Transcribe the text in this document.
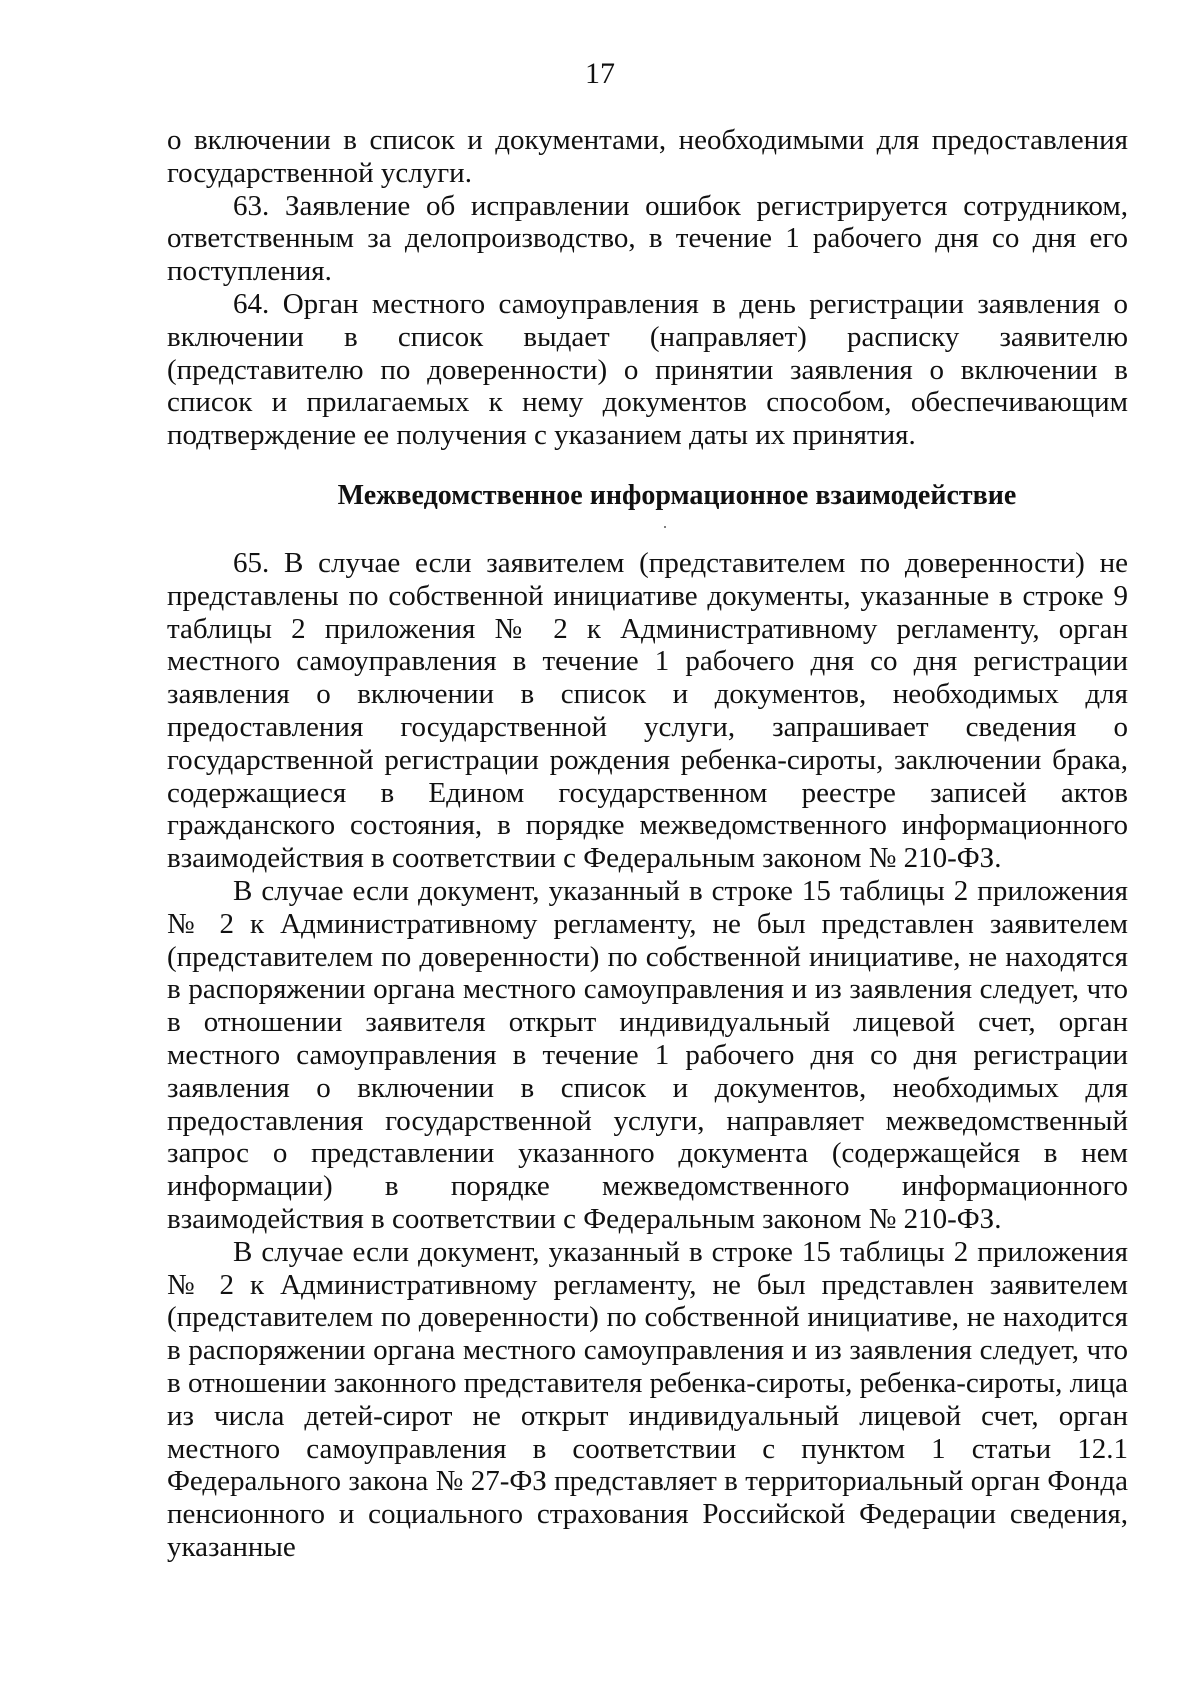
17

о включении в список и документами, необходимыми для предоставления государственной услуги.

63. Заявление об исправлении ошибок регистрируется сотрудником, ответственным за делопроизводство, в течение 1 рабочего дня со дня его поступления.

64. Орган местного самоуправления в день регистрации заявления о включении в список выдает (направляет) расписку заявителю (представителю по доверенности) о принятии заявления о включении в список и прилагаемых к нему документов способом, обеспечивающим подтверждение ее получения с указанием даты их принятия.

Межведомственное информационное взаимодействие

65. В случае если заявителем (представителем по доверенности) не представлены по собственной инициативе документы, указанные в строке 9 таблицы 2 приложения № 2 к Административному регламенту, орган местного самоуправления в течение 1 рабочего дня со дня регистрации заявления о включении в список и документов, необходимых для предоставления государственной услуги, запрашивает сведения о государственной регистрации рождения ребенка-сироты, заключении брака, содержащиеся в Едином государственном реестре записей актов гражданского состояния, в порядке межведомственного информационного взаимодействия в соответствии с Федеральным законом № 210-ФЗ.

В случае если документ, указанный в строке 15 таблицы 2 приложения № 2 к Административному регламенту, не был представлен заявителем (представителем по доверенности) по собственной инициативе, не находятся в распоряжении органа местного самоуправления и из заявления следует, что в отношении заявителя открыт индивидуальный лицевой счет, орган местного самоуправления в течение 1 рабочего дня со дня регистрации заявления о включении в список и документов, необходимых для предоставления государственной услуги, направляет межведомственный запрос о представлении указанного документа (содержащейся в нем информации) в порядке межведомственного информационного взаимодействия в соответствии с Федеральным законом № 210-ФЗ.

В случае если документ, указанный в строке 15 таблицы 2 приложения № 2 к Административному регламенту, не был представлен заявителем (представителем по доверенности) по собственной инициативе, не находится в распоряжении органа местного самоуправления и из заявления следует, что в отношении законного представителя ребенка-сироты, ребенка-сироты, лица из числа детей-сирот не открыт индивидуальный лицевой счет, орган местного самоуправления в соответствии с пунктом 1 статьи 12.1 Федерального закона № 27-ФЗ представляет в территориальный орган Фонда пенсионного и социального страхования Российской Федерации сведения, указанные
